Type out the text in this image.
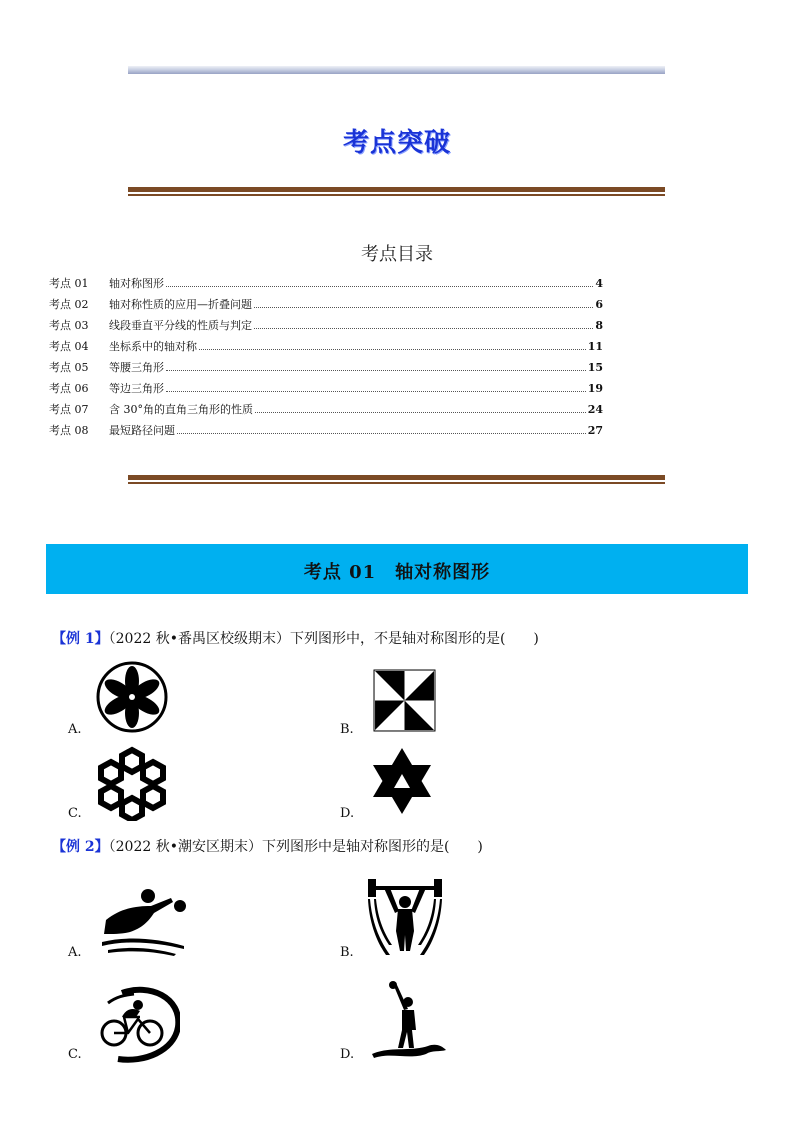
考点突破
考点目录
考点 01	轴对称图形	4
考点 02	轴对称性质的应用—折叠问题	6
考点 03	线段垂直平分线的性质与判定	8
考点 04	坐标系中的轴对称	11
考点 05	等腰三角形	15
考点 06	等边三角形	19
考点 07	含 30°角的直角三角形的性质	24
考点 08	最短路径问题	27
考点 01　轴对称图形
【例 1】（2022 秋•番禺区校级期末）下列图形中，不是轴对称图形的是(　　)
A.	B.
C.	D.
【例 2】（2022 秋•潮安区期末）下列图形中是轴对称图形的是(　　)
A.	B.
C.	D.
